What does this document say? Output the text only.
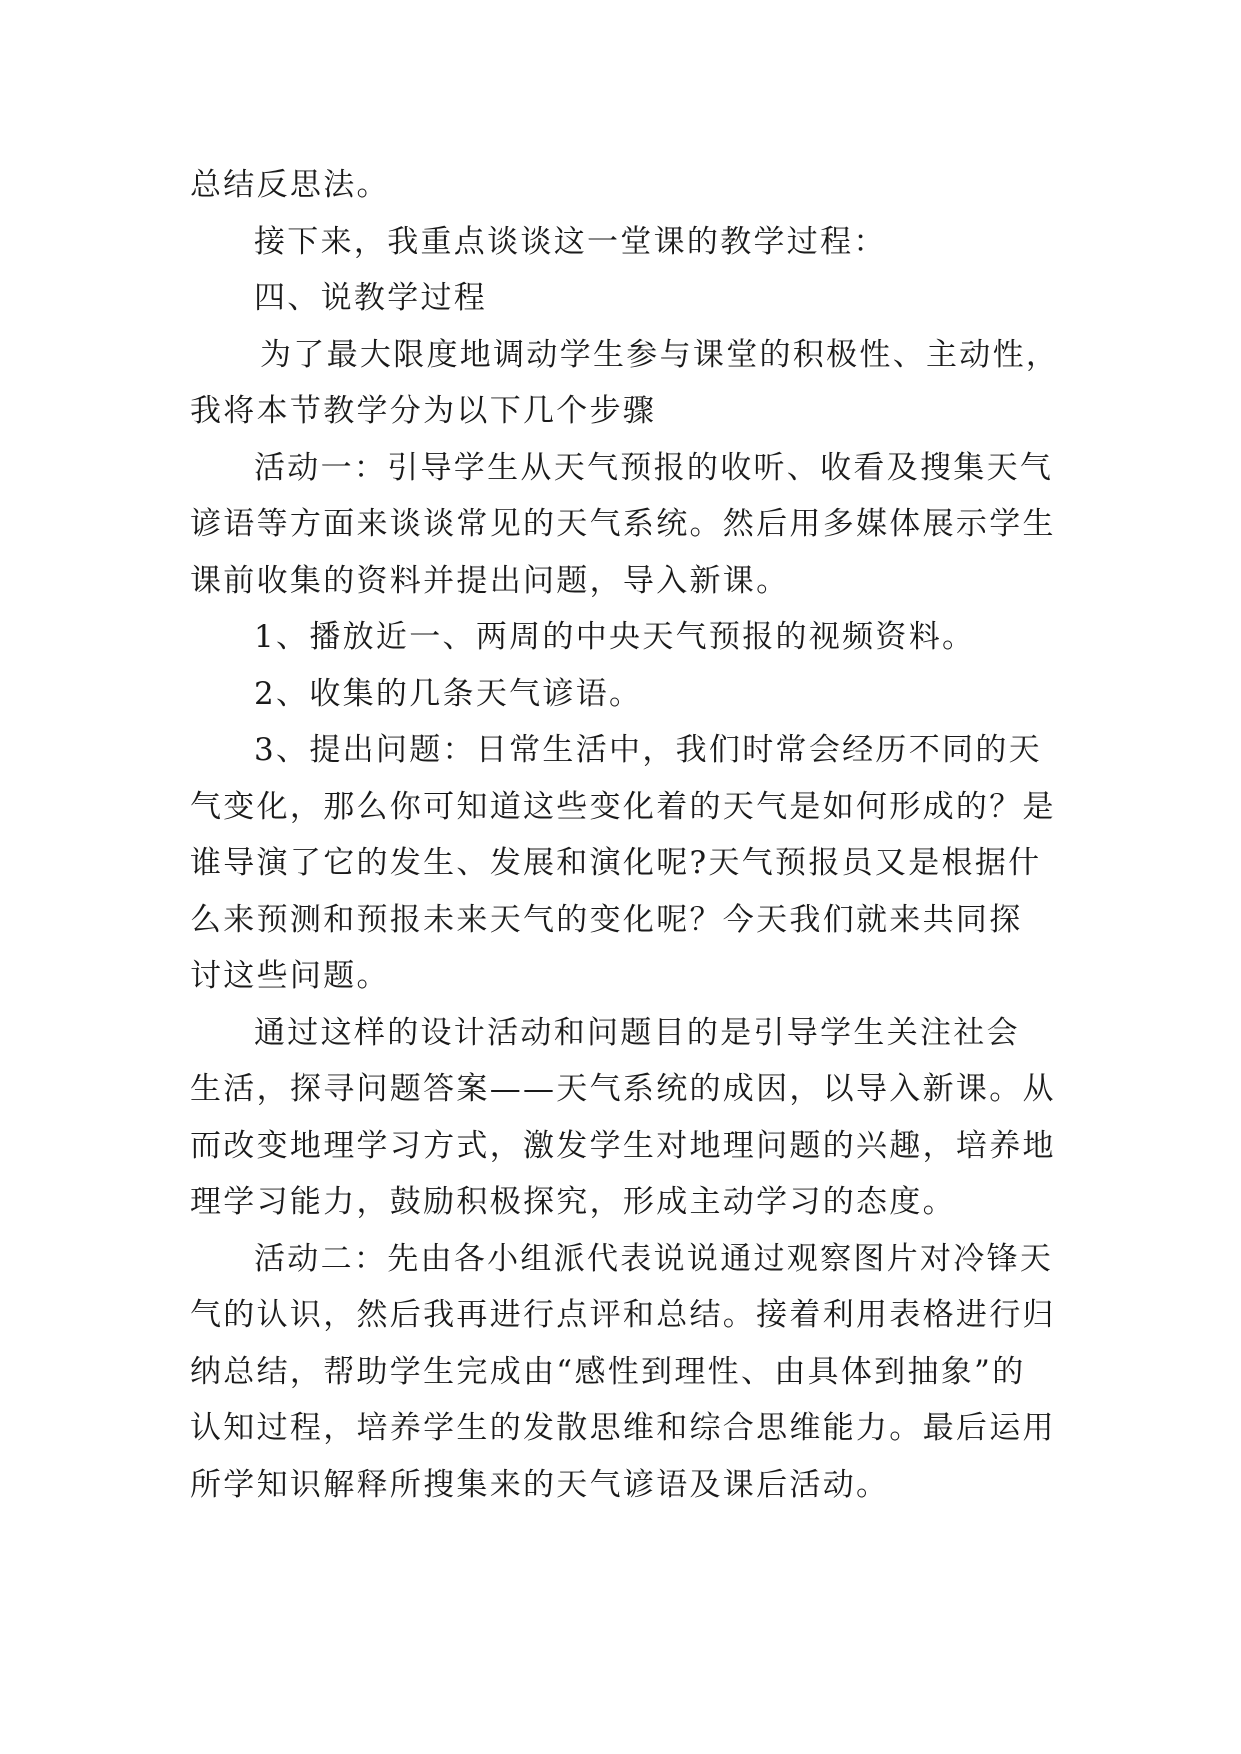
总结反思法。
接下来，我重点谈谈这一堂课的教学过程：
四、说教学过程
为了最大限度地调动学生参与课堂的积极性、主动性，
我将本节教学分为以下几个步骤
活动一：引导学生从天气预报的收听、收看及搜集天气
谚语等方面来谈谈常见的天气系统。然后用多媒体展示学生
课前收集的资料并提出问题，导入新课。
1、播放近一、两周的中央天气预报的视频资料。
2、收集的几条天气谚语。
3、提出问题：日常生活中，我们时常会经历不同的天
气变化，那么你可知道这些变化着的天气是如何形成的？是
谁导演了它的发生、发展和演化呢?天气预报员又是根据什
么来预测和预报未来天气的变化呢？今天我们就来共同探
讨这些问题。
通过这样的设计活动和问题目的是引导学生关注社会
生活，探寻问题答案——天气系统的成因，以导入新课。从
而改变地理学习方式，激发学生对地理问题的兴趣，培养地
理学习能力，鼓励积极探究，形成主动学习的态度。
活动二：先由各小组派代表说说通过观察图片对冷锋天
气的认识，然后我再进行点评和总结。接着利用表格进行归
纳总结，帮助学生完成由“感性到理性、由具体到抽象”的
认知过程，培养学生的发散思维和综合思维能力。最后运用
所学知识解释所搜集来的天气谚语及课后活动。
